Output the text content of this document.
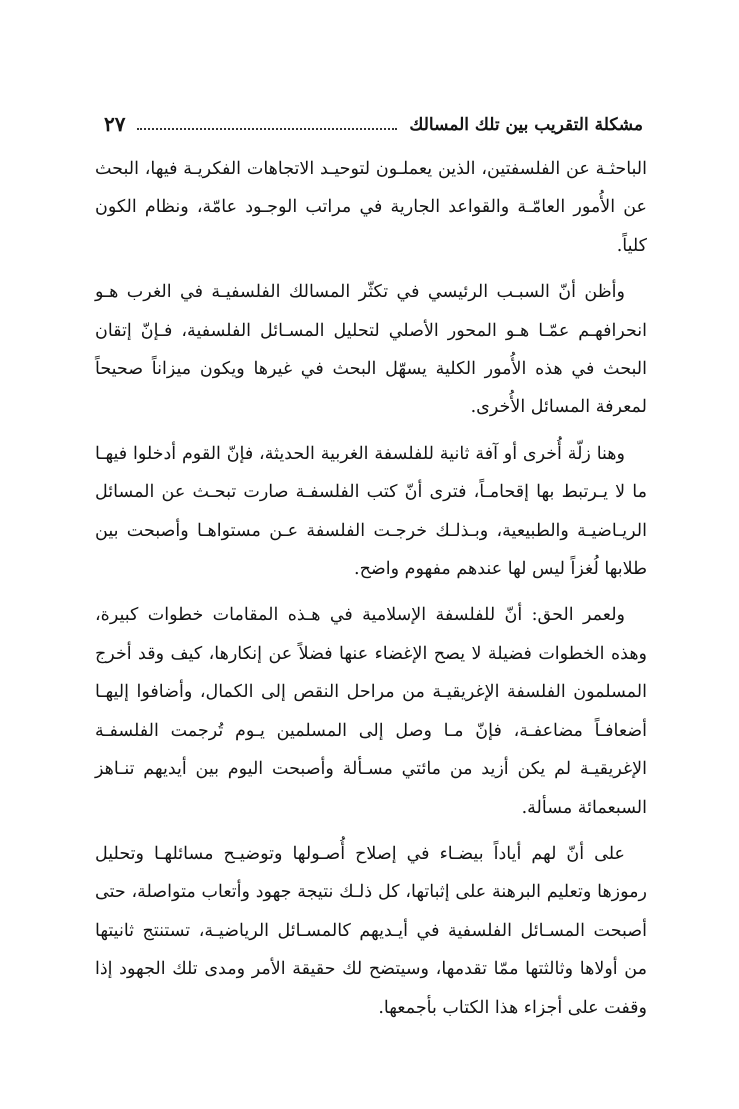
مشكلة التقريب بين تلك المسالك
٢٧

الباحثـة عن الفلسفتين، الذين يعملـون لتوحيـد الاتجاهات الفكريـة فيها، البحث عن الأُمور العامّـة والقواعد الجارية في مراتب الوجـود عامّة، ونظام الكون كلياً.

وأظن أنّ السبـب الرئيسي في تكثّر المسالك الفلسفيـة في الغرب هـو انحرافهـم عمّـا هـو المحور الأصلي لتحليل المسـائل الفلسفية، فـإنّ إتقان البحث في هذه الأُمور الكلية يسهّل البحث في غيرها ويكون ميزاناً صحيحاً لمعرفة المسائل الأُخرى.

وهنا زلّة أُخرى أو آفة ثانية للفلسفة الغربية الحديثة، فإنّ القوم أدخلوا فيهـا ما لا يـرتبط بها إقحامـاً، فترى أنّ كتب الفلسفـة صارت تبحـث عن المسائل الريـاضيـة والطبيعية، وبـذلـك خرجـت الفلسفة عـن مستواهـا وأصبحت بين طلابها لُغزاً ليس لها عندهم مفهوم واضح.

ولعمر الحق: أنّ للفلسفة الإسلامية في هـذه المقامات خطوات كبيرة، وهذه الخطوات فضيلة لا يصح الإغضاء عنها فضلاً عن إنكارها، كيف وقد أخرج المسلمون الفلسفة الإغريقيـة من مراحل النقص إلى الكمال، وأضافوا إليهـا أضعافـاً مضاعفـة، فإنّ مـا وصل إلى المسلمين يـوم تُرجمت الفلسفـة الإغريقيـة لم يكن أزيد من مائتي مسـألة وأصبحت اليوم بين أيديهم تنـاهز السبعمائة مسألة.

على أنّ لهم أياداً بيضـاء في إصلاح أُصـولها وتوضيـح مسائلهـا وتحليل رموزها وتعليم البرهنة على إثباتها، كل ذلـك نتيجة جهود وأتعاب متواصلة، حتى أصبحت المسـائل الفلسفية في أيـديهم كالمسـائل الرياضيـة، تستنتج ثانيتها من أولاها وثالثتها ممّا تقدمها، وسيتضح لك حقيقة الأمر ومدى تلك الجهود إذا وقفت على أجزاء هذا الكتاب بأجمعها.
